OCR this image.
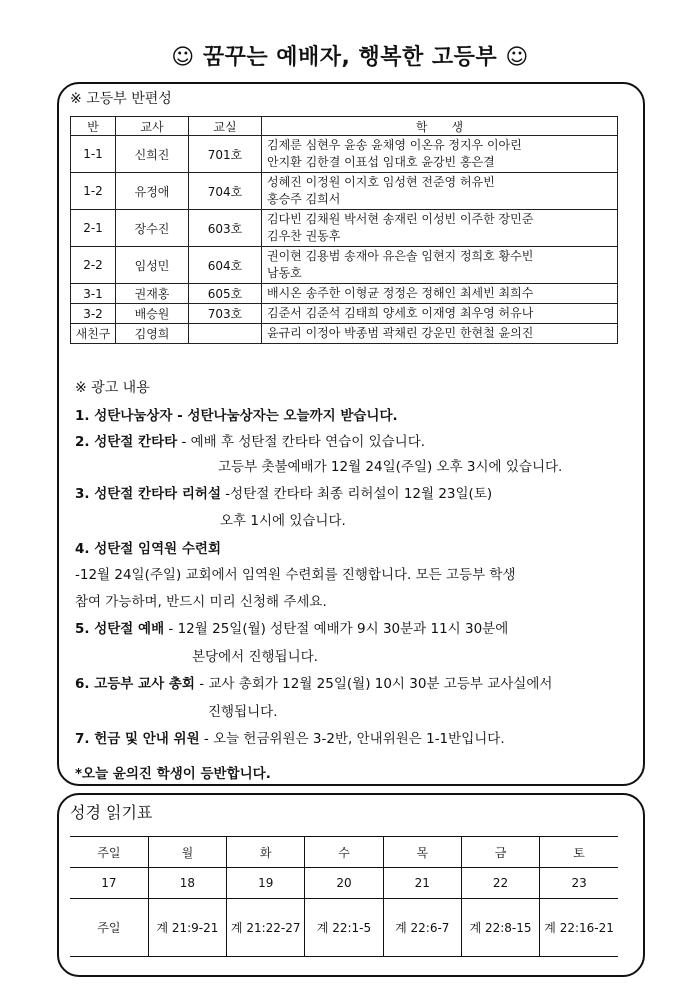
☺ 꿈꾸는 예배자, 행복한 고등부 ☺
※ 고등부 반편성
반	교사	교실	학　　생
1-1	신희진	701호	김제룬 심현우 윤송 윤채영 이온유 정지우 이아린
안지환 김한결 이표섭 임대호 윤강빈 홍은결
1-2	유정애	704호	성혜진 이정원 이지호 임성현 전준영 허유빈
홍승주 김희서
2-1	장수진	603호	김다빈 김채원 박서현 송재린 이성빈 이주한 장민준
김우찬 권동후
2-2	임성민	604호	권이현 김용범 송재아 유은솔 임현지 정희호 황수빈
남동호
3-1	권재홍	605호	배시온 송주한 이형균 정정은 정해인 최세빈 최희수
3-2	배승원	703호	김준서 김준석 김태희 양세호 이재영 최우영 허유나
새친구	김영희		윤규리 이정아 박종범 곽채린 강운민 한현철 윤의진
※ 광고 내용
1. 성탄나눔상자 - 성탄나눔상자는 오늘까지 받습니다.
2. 성탄절 칸타타 - 예배 후 성탄절 칸타타 연습이 있습니다.
고등부 촛불예배가 12월 24일(주일) 오후 3시에 있습니다.
3. 성탄절 칸타타 리허설 -성탄절 칸타타 최종 리허설이 12월 23일(토)
오후 1시에 있습니다.
4. 성탄절 임역원 수련회
-12월 24일(주일) 교회에서 임역원 수련회를 진행합니다. 모든 고등부 학생
참여 가능하며, 반드시 미리 신청해 주세요.
5. 성탄절 예배 - 12월 25일(월) 성탄절 예배가 9시 30분과 11시 30분에
본당에서 진행됩니다.
6. 고등부 교사 총회 - 교사 총회가 12월 25일(월) 10시 30분 고등부 교사실에서
진행됩니다.
7. 헌금 및 안내 위원 - 오늘 헌금위원은 3-2반, 안내위원은 1-1반입니다.
*오늘 윤의진 학생이 등반합니다.
성경 읽기표
주일	월	화	수	목	금	토
17	18	19	20	21	22	23
주일	계 21:9-21	계 21:22-27	계 22:1-5	계 22:6-7	계 22:8-15	계 22:16-21
